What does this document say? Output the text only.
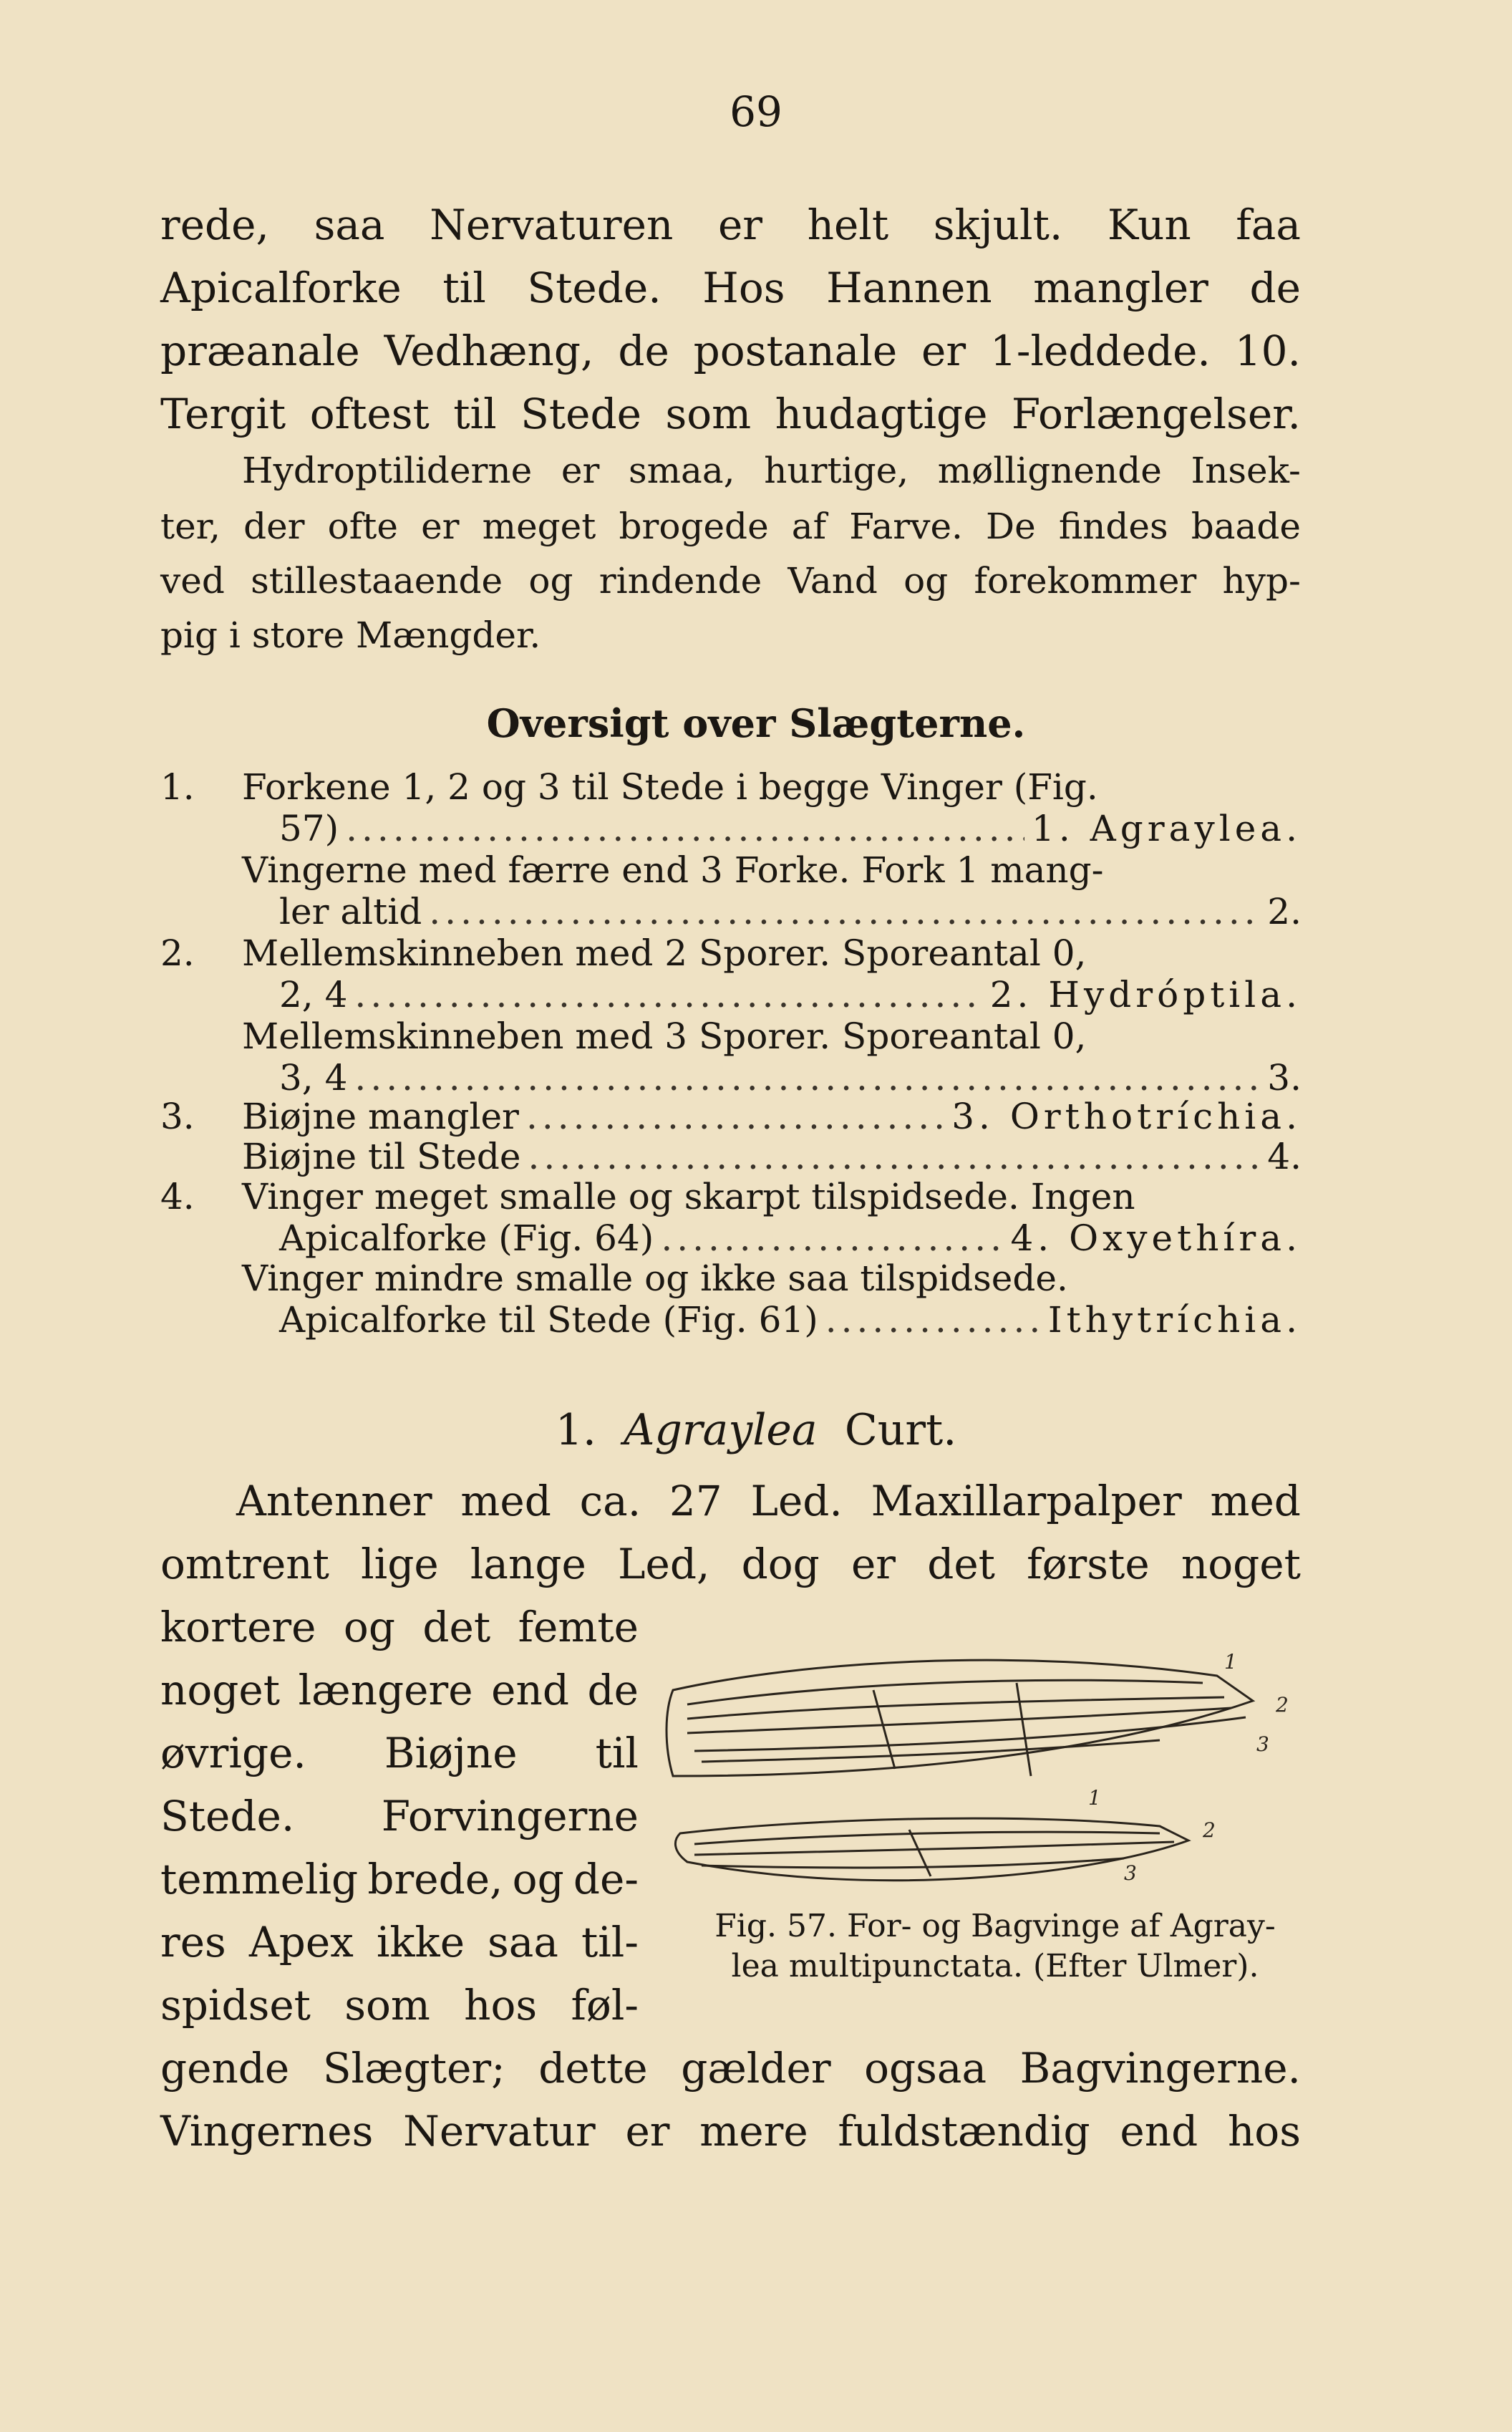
69
rede, saa Nervaturen er helt skjult. Kun faa
Apicalforke til Stede. Hos Hannen mangler de
præanale Vedhæng, de postanale er 1-leddede. 10.
Tergit oftest til Stede som hudagtige Forlængelser.
Hydroptiliderne er smaa, hurtige, møllignende Insek-
ter, der ofte er meget brogede af Farve. De findes baade
ved stillestaaende og rindende Vand og forekommer hyp-
pig i store Mængder.
Oversigt over Slægterne.
1. Forkene 1, 2 og 3 til Stede i begge Vinger (Fig.
57) .....	1. Agraylea.
Vingerne med færre end 3 Forke. Fork 1 mang-
ler altid .....	2.
2. Mellemskinneben med 2 Sporer. Sporeantal 0,
2, 4 .....	2. Hydróptila.
Mellemskinneben med 3 Sporer. Sporeantal 0,
3, 4 .....	3.
3. Biøjne mangler .....	3. Orthotríchia.
Biøjne til Stede .....	4.
4. Vinger meget smalle og skarpt tilspidsede. Ingen
Apicalforke (Fig. 64) .....	4. Oxyethíra.
Vinger mindre smalle og ikke saa tilspidsede.
Apicalforke til Stede (Fig. 61) .....	Ithytríchia.
1. Agraylea Curt.
Antenner med ca. 27 Led. Maxillarpalper med
omtrent lige lange Led, dog er det første noget
kortere og det femte
noget længere end de
øvrige. Biøjne til
Stede. Forvingerne
temmelig brede, og de-
res Apex ikke saa til-
spidset som hos føl-
1
2
3
1
2
3
Fig. 57. For- og Bagvinge af Agray-
lea multipunctata. (Efter Ulmer).
gende Slægter; dette gælder ogsaa Bagvingerne.
Vingernes Nervatur er mere fuldstændig end hos
